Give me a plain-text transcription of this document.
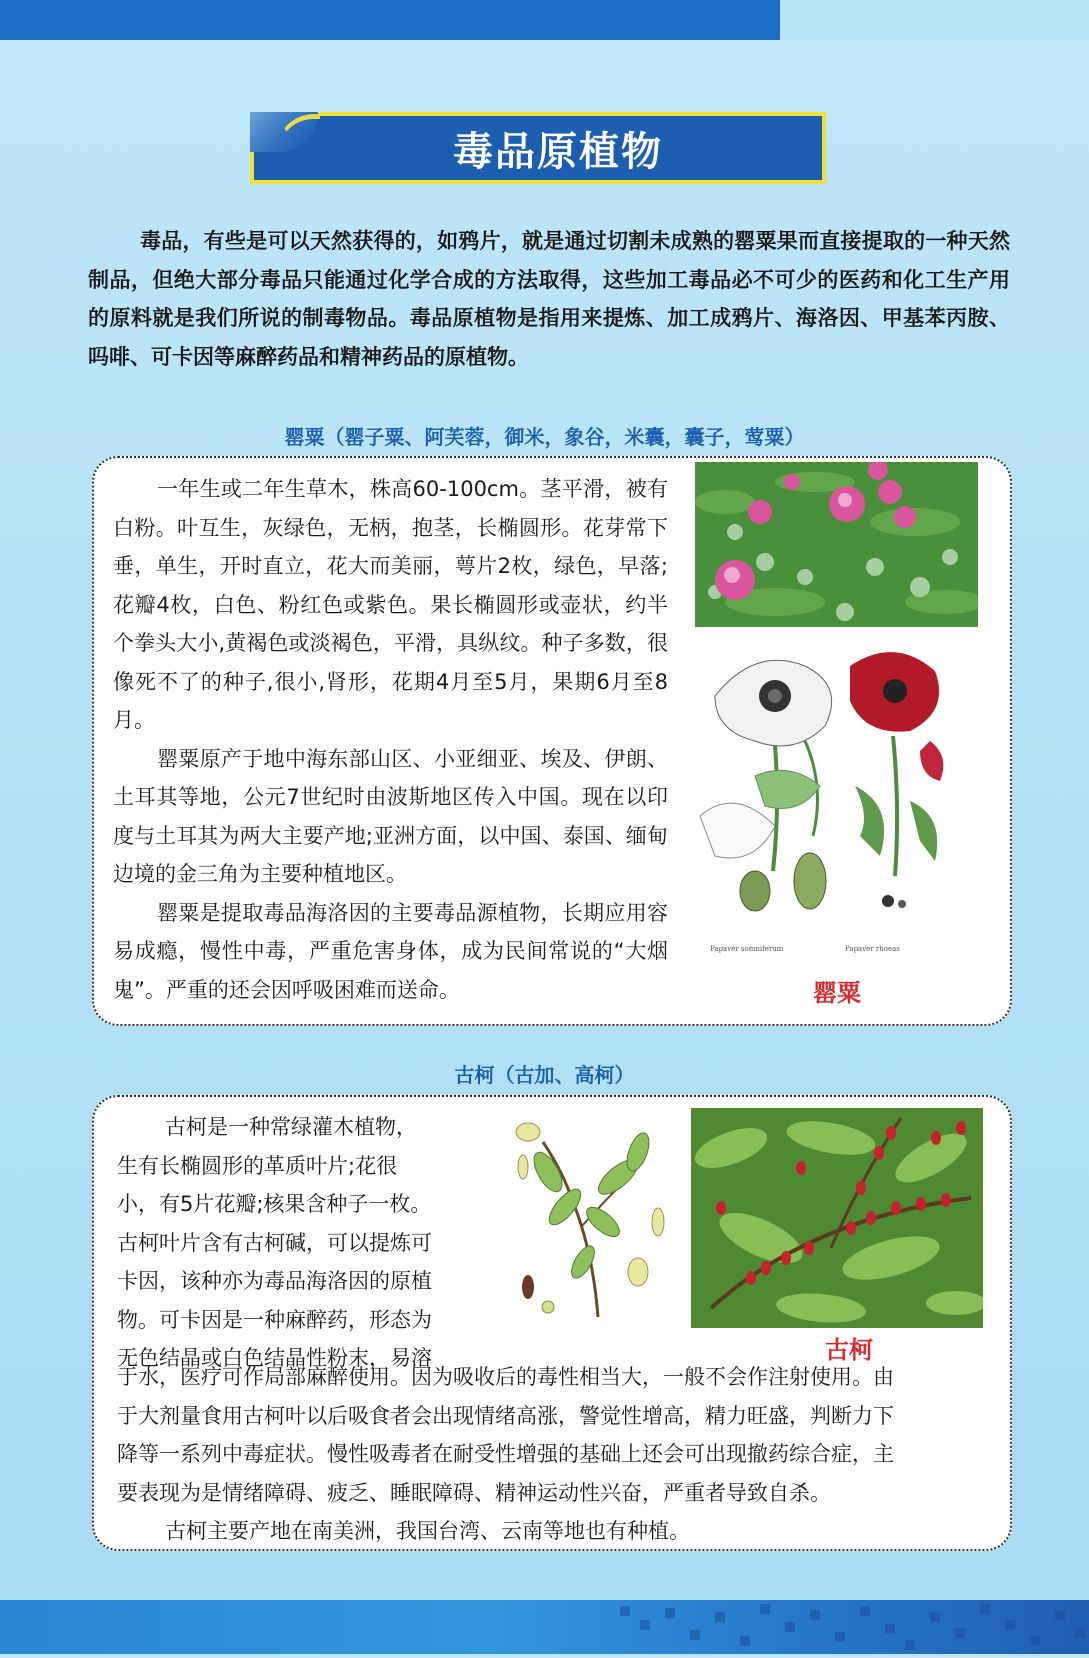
毒品原植物

毒品，有些是可以天然获得的，如鸦片，就是通过切割未成熟的罂粟果而直接提取的一种天然制品，但绝大部分毒品只能通过化学合成的方法取得，这些加工毒品必不可少的医药和化工生产用的原料就是我们所说的制毒物品。毒品原植物是指用来提炼、加工成鸦片、海洛因、甲基苯丙胺、吗啡、可卡因等麻醉药品和精神药品的原植物。

罂粟（罂子粟、阿芙蓉，御米，象谷，米囊，囊子，莺粟）

一年生或二年生草木，株高60-100cm。茎平滑，被有白粉。叶互生，灰绿色，无柄，抱茎，长椭圆形。花芽常下垂，单生，开时直立，花大而美丽，萼片2枚，绿色，早落;花瓣4枚，白色、粉红色或紫色。果长椭圆形或壶状，约半个拳头大小,黄褐色或淡褐色，平滑，具纵纹。种子多数，很像死不了的种子,很小,肾形，花期4月至5月，果期6月至8月。

罂粟原产于地中海东部山区、小亚细亚、埃及、伊朗、土耳其等地，公元7世纪时由波斯地区传入中国。现在以印度与土耳其为两大主要产地;亚洲方面，以中国、泰国、缅甸边境的金三角为主要种植地区。

罂粟是提取毒品海洛因的主要毒品源植物，长期应用容易成瘾，慢性中毒，严重危害身体，成为民间常说的“大烟鬼”。严重的还会因呼吸困难而送命。

Papaver somniferum	Papaver rhoeas
罂粟
古柯（古加、高柯）

古柯是一种常绿灌木植物，

生有长椭圆形的革质叶片;花很

小，有5片花瓣;核果含种子一枚。

古柯叶片含有古柯碱，可以提炼可

卡因，该种亦为毒品海洛因的原植

物。可卡因是一种麻醉药，形态为

无色结晶或白色结晶性粉末，易溶

于水，医疗可作局部麻醉使用。因为吸收后的毒性相当大，一般不会作注射使用。由

于大剂量食用古柯叶以后吸食者会出现情绪高涨，警觉性增高，精力旺盛，判断力下

降等一系列中毒症状。慢性吸毒者在耐受性增强的基础上还会可出现撤药综合症，主

要表现为是情绪障碍、疲乏、睡眠障碍、精神运动性兴奋，严重者导致自杀。

古柯主要产地在南美洲，我国台湾、云南等地也有种植。

古柯
